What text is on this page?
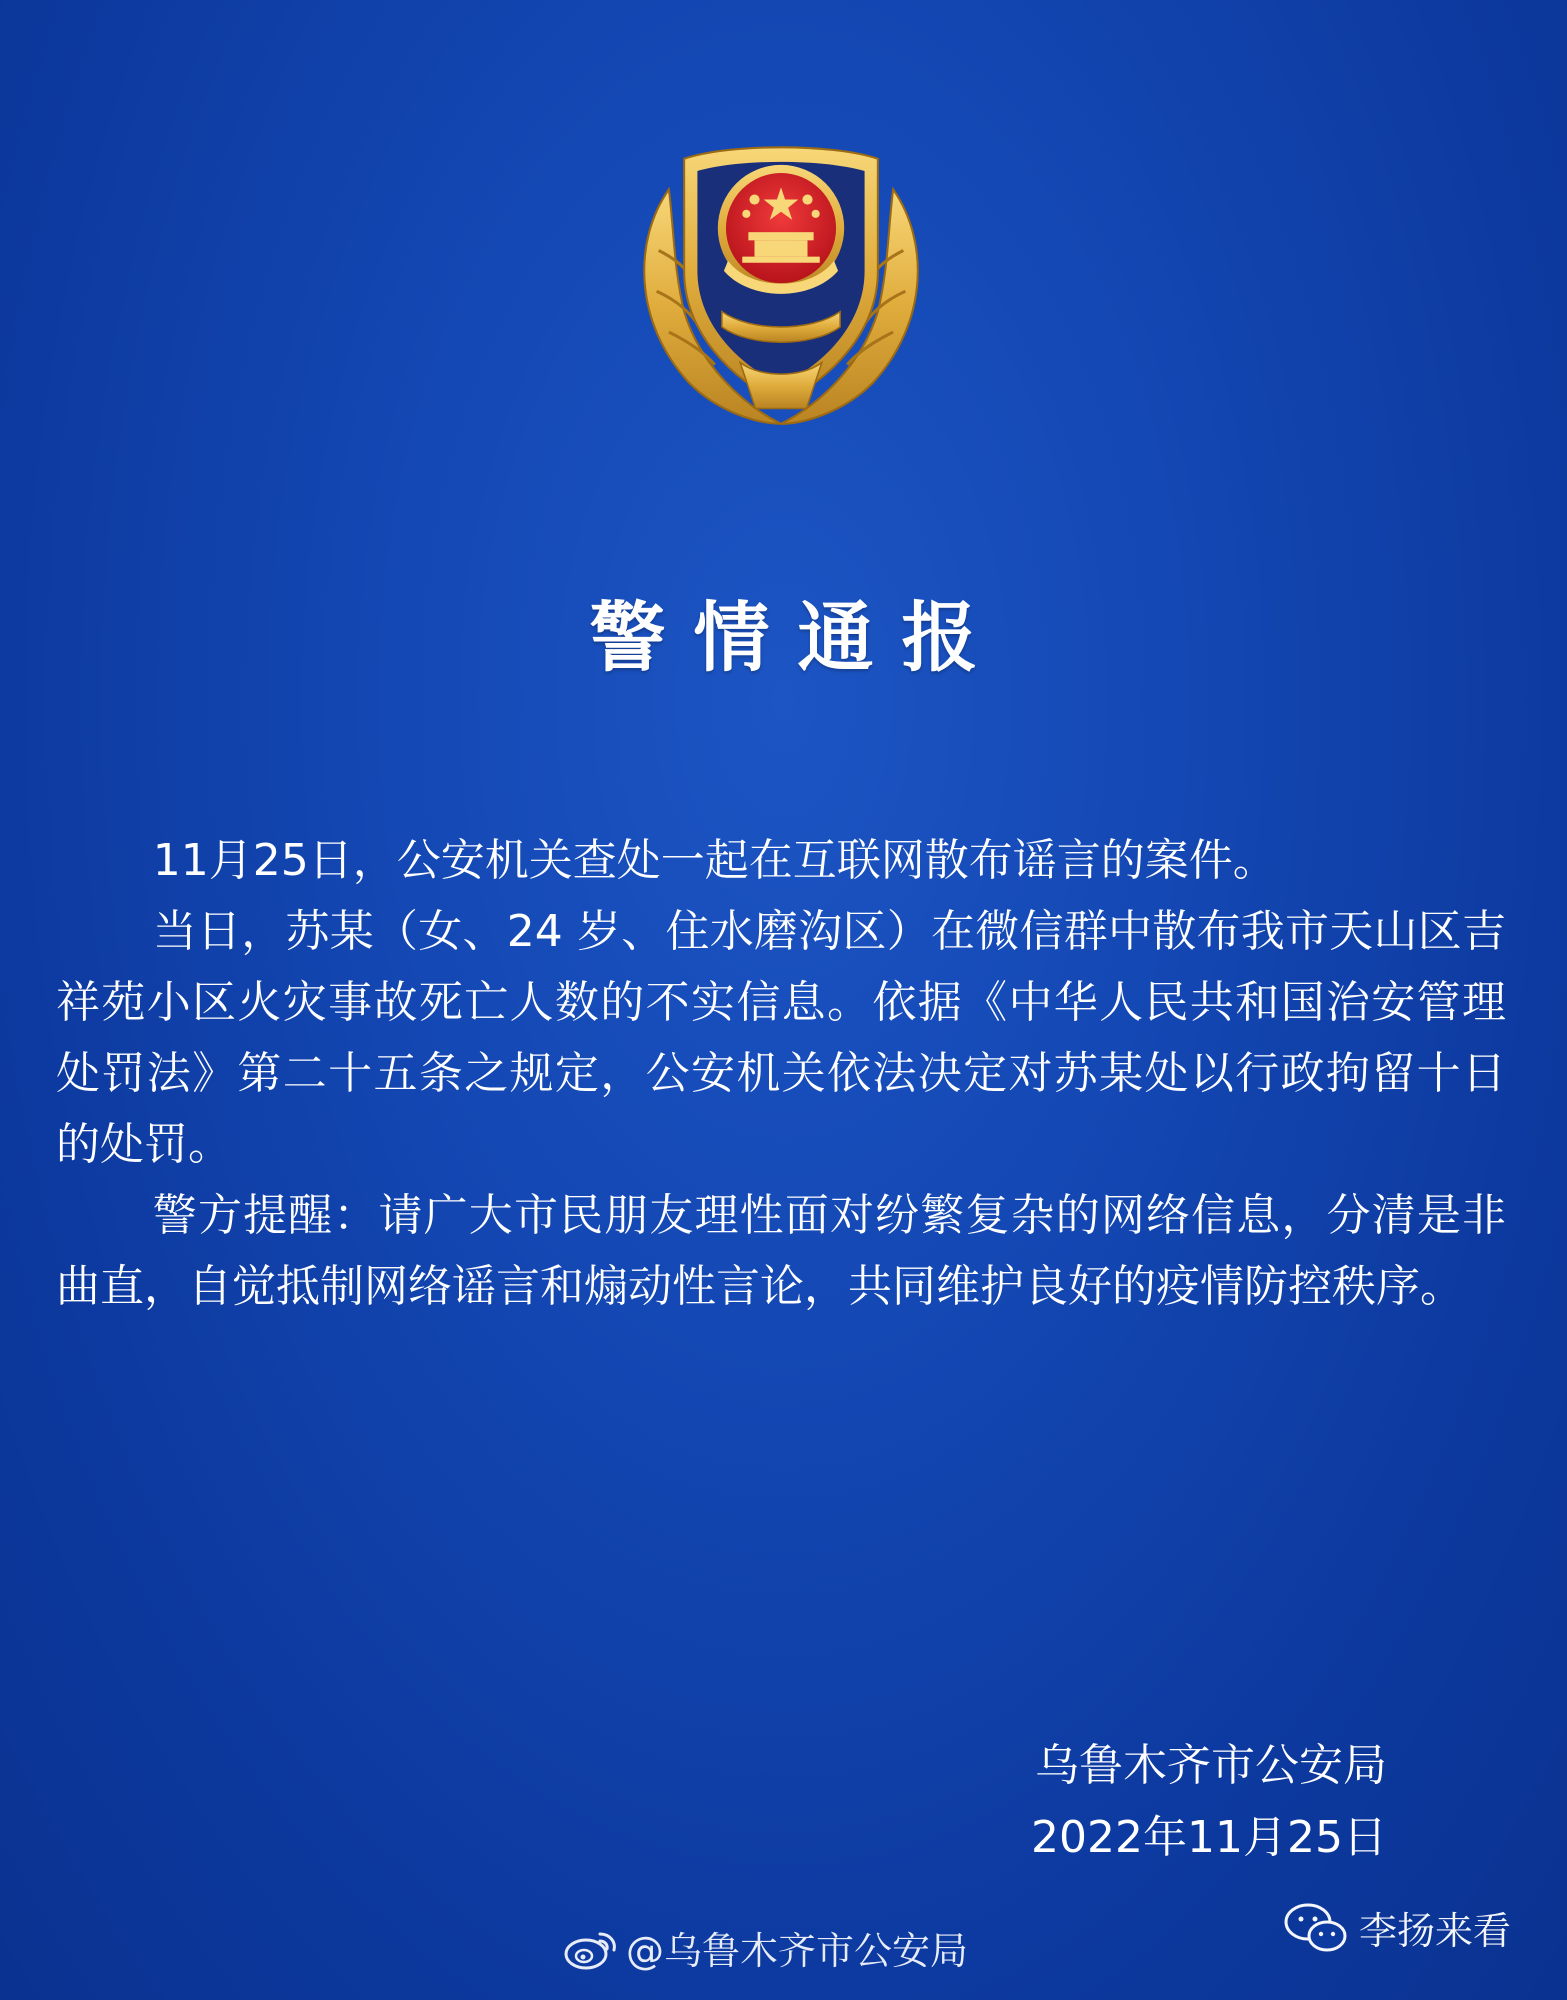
警情通报

11月25日，公安机关查处一起在互联网散布谣言的案件。

当日，苏某（女、24 岁、住水磨沟区）在微信群中散布我市天山区吉祥苑小区火灾事故死亡人数的不实信息。依据《中华人民共和国治安管理处罚法》第二十五条之规定，公安机关依法决定对苏某处以行政拘留十日的处罚。

警方提醒：请广大市民朋友理性面对纷繁复杂的网络信息，分清是非曲直，自觉抵制网络谣言和煽动性言论，共同维护良好的疫情防控秩序。

乌鲁木齐市公安局
2022年11月25日
@乌鲁木齐市公安局	李扬来看
